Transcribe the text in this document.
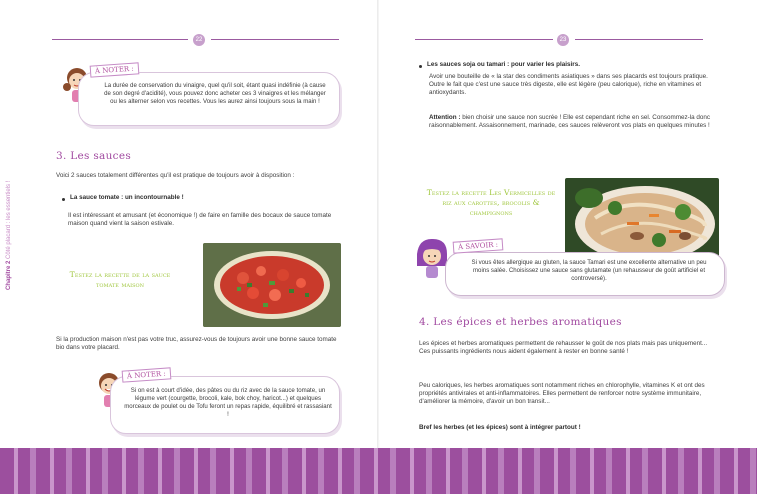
22
À NOTER :
La durée de conservation du vinaigre, quel qu'il soit, étant quasi indéfinie (à cause de son degré d'acidité), vous pouvez donc acheter ces 3 vinaigres et les mélanger ou les alterner selon vos recettes. Vous les aurez ainsi toujours sous la main !
3. Les sauces
Voici 2 sauces totalement différentes qu'il est pratique de toujours avoir à disposition :
La sauce tomate : un incontournable !
Il est intéressant et amusant (et économique !) de faire en famille des bocaux de sauce tomate maison quand vient la saison estivale.
Testez la recette de la sauce tomate maison
Si la production maison n'est pas votre truc, assurez-vous de toujours avoir une bonne sauce tomate bio dans votre placard.
À NOTER :
Si on est à court d'idée, des pâtes ou du riz avec de la sauce tomate, un légume vert (courgette, brocoli, kale, bok choy, haricot...) et quelques morceaux de poulet ou de Tofu feront un repas rapide, équilibré et rassasiant !
Chapitre 2 Côté placard : les essentiels !
23
Les sauces soja ou tamari : pour varier les plaisirs.
Avoir une bouteille de « la star des condiments asiatiques » dans ses placards est toujours pratique. Outre le fait que c'est une sauce très digeste, elle est légère (peu calorique), riche en vitamines et antioxydants.
Attention : bien choisir une sauce non sucrée ! Elle est cependant riche en sel. Consommez-la donc raisonnablement. Assaisonnement, marinade, ces sauces relèveront vos plats en quelques minutes !
Testez la recette Les Vermicelles de riz aux carottes, brocolis & champignons
À SAVOIR :
Si vous êtes allergique au gluten, la sauce Tamari est une excellente alternative un peu moins salée. Choisissez une sauce sans glutamate (un rehausseur de goût artificiel et controversé).
4. Les épices et herbes aromatiques
Les épices et herbes aromatiques permettent de rehausser le goût de nos plats mais pas uniquement... Ces puissants ingrédients nous aident également à rester en bonne santé !
Peu caloriques, les herbes aromatiques sont notamment riches en chlorophylle, vitamines K et ont des propriétés antivirales et anti-inflammatoires. Elles permettent de renforcer notre système immunitaire, d'améliorer la mémoire, d'avoir un bon transit...
Bref les herbes (et les épices) sont à intégrer partout !
